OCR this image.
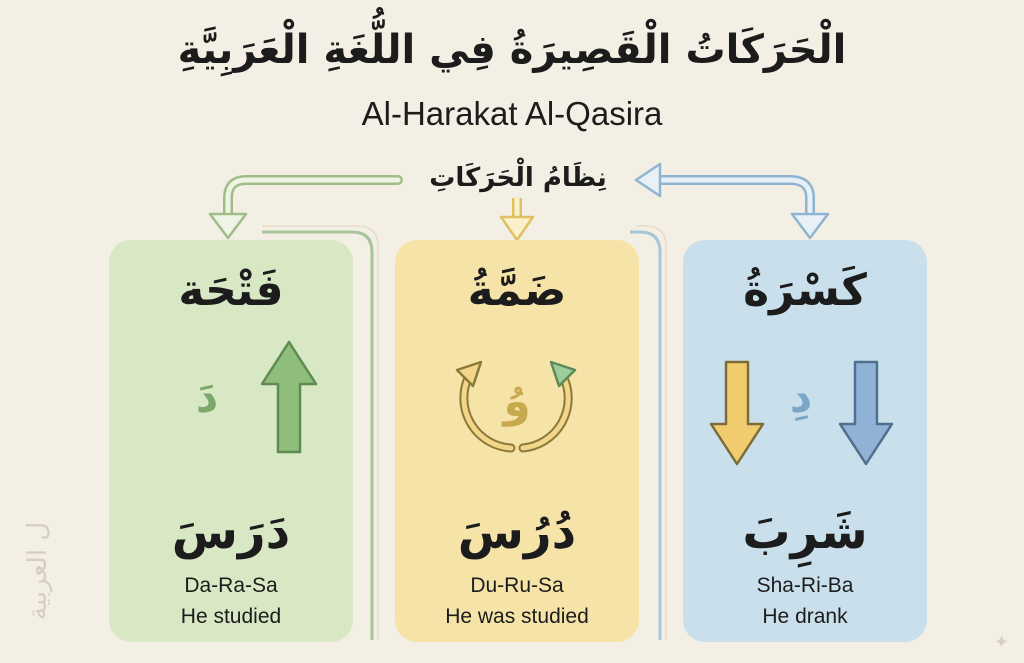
الْحَرَكَاتُ الْقَصِيرَةُ فِي اللُّغَةِ الْعَرَبِيَّةِ
Al-Harakat Al-Qasira
نِظَامُ الْحَرَكَاتِ
فَتْحَة
دَ
دَرَسَ
Da-Ra-Sa
He studied
ضَمَّةُ
وُ
دُرُسَ
Du-Ru-Sa
He was studied
كَسْرَةُ
دِ
شَرِبَ
Sha-Ri-Ba
He drank
ل العربية
✦
